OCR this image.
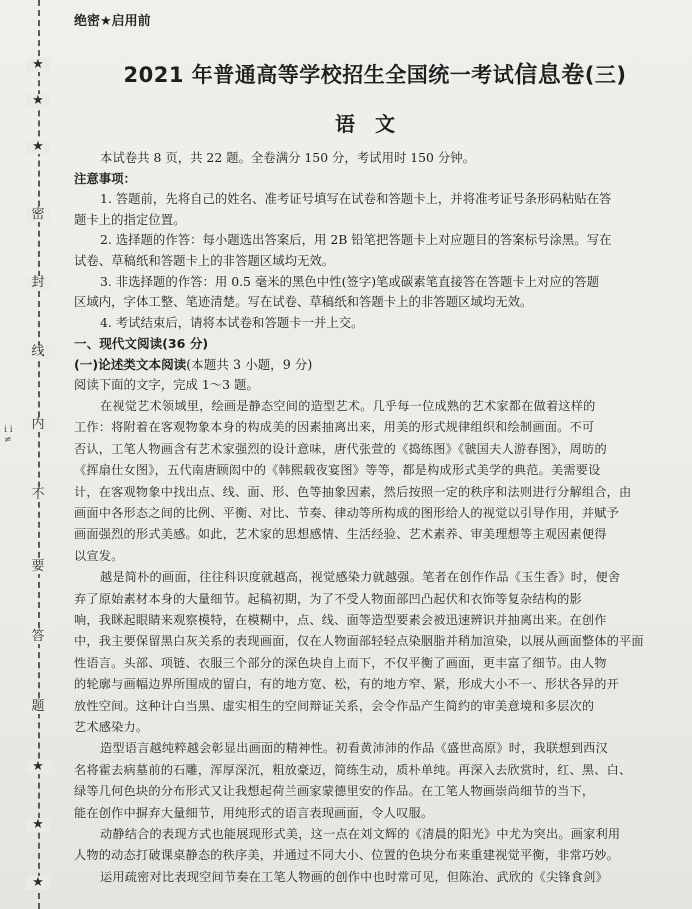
★
★
★
密
封
线
内
不
要
答
题
★
★
★
ⅰ ⅰ ≠
绝密★启用前
2021 年普通高等学校招生全国统一考试信息卷(三)
语文

本试卷共 8 页，共 22 题。全卷满分 150 分，考试用时 150 分钟。

注意事项：

1. 答题前，先将自己的姓名、准考证号填写在试卷和答题卡上，并将准考证号条形码粘贴在答

题卡上的指定位置。

2. 选择题的作答：每小题选出答案后，用 2B 铅笔把答题卡上对应题目的答案标号涂黑。写在

试卷、草稿纸和答题卡上的非答题区域均无效。

3. 非选择题的作答：用 0.5 毫米的黑色中性(签字)笔或碳素笔直接答在答题卡上对应的答题

区域内，字体工整、笔迹清楚。写在试卷、草稿纸和答题卡上的非答题区域均无效。

4. 考试结束后，请将本试卷和答题卡一并上交。

一、现代文阅读(36 分)

(一)论述类文本阅读(本题共 3 小题，9 分)

阅读下面的文字，完成 1～3 题。

在视觉艺术领域里，绘画是静态空间的造型艺术。几乎每一位成熟的艺术家都在做着这样的

工作：将附着在客观物象本身的构成美的因素抽离出来，用美的形式规律组织和绘制画面。不可

否认，工笔人物画含有艺术家强烈的设计意味，唐代张萱的《捣练图》《虢国夫人游春图》，周昉的

《挥扇仕女图》，五代南唐顾闳中的《韩熙载夜宴图》等等，都是构成形式美学的典范。美需要设

计，在客观物象中找出点、线、面、形、色等抽象因素，然后按照一定的秩序和法则进行分解组合，由

画面中各形态之间的比例、平衡、对比、节奏、律动等所构成的图形给人的视觉以引导作用，并赋予

画面强烈的形式美感。如此，艺术家的思想感情、生活经验、艺术素养、审美理想等主观因素便得

以宣发。

越是简朴的画面，往往科识度就越高，视觉感染力就越强。笔者在创作作品《玉生香》时，便舍

弃了原始素材本身的大量细节。起稿初期，为了不受人物面部凹凸起伏和衣饰等复杂结构的影

响，我眯起眼睛来观察模特，在模糊中，点、线、面等造型要素会被迅速辨识并抽离出来。在创作

中，我主要保留黑白灰关系的表现画面，仅在人物面部轻轻点染胭脂并稍加渲染，以展从画面整体的平面

性语言。头部、项链、衣服三个部分的深色块自上而下，不仅平衡了画面，更丰富了细节。由人物

的轮廓与画幅边界所围成的留白，有的地方宽、松，有的地方窄、紧，形成大小不一、形状各异的开

放性空间。这种计白当黑、虚实相生的空间辩证关系，会令作品产生简约的审美意境和多层次的

艺术感染力。

造型语言越纯粹越会彰显出画面的精神性。初看黄沛沛的作品《盛世高原》时，我联想到西汉

名将霍去病墓前的石雕，浑厚深沉，粗放豪迈，简练生动，质朴单纯。再深入去欣赏时，红、黑、白、

绿等几何色块的分布形式又让我想起荷兰画家蒙德里安的作品。在工笔人物画崇尚细节的当下，

能在创作中摒弃大量细节，用纯形式的语言表现画面，令人叹服。

动静结合的表现方式也能展现形式美，这一点在刘文辉的《清晨的阳光》中尤为突出。画家利用

人物的动态打破课桌静态的秩序美，并通过不同大小、位置的色块分布来重建视觉平衡，非常巧妙。

运用疏密对比表现空间节奏在工笔人物画的创作中也时常可见，但陈治、武欣的《尖锋食剑》
